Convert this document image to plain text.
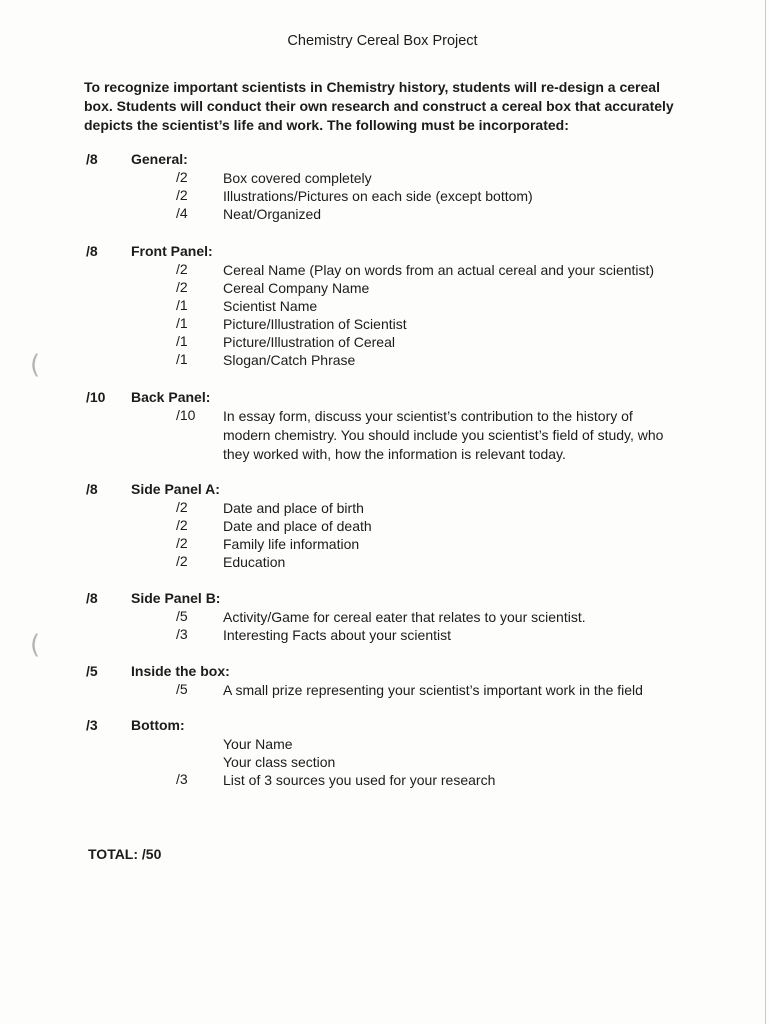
(
(
Chemistry Cereal Box Project
To recognize important scientists in Chemistry history, students will re-design a cereal box. Students will conduct their own research and construct a cereal box that accurately depicts the scientist’s life and work. The following must be incorporated:
/8 General:
/2	Box covered completely
/2	Illustrations/Pictures on each side (except bottom)
/4	Neat/Organized
/8 Front Panel:
/2	Cereal Name (Play on words from an actual cereal and your scientist)
/2	Cereal Company Name
/1	Scientist Name
/1	Picture/Illustration of Scientist
/1	Picture/Illustration of Cereal
/1	Slogan/Catch Phrase
/10 Back Panel:
/10 In essay form, discuss your scientist’s contribution to the history of modern chemistry. You should include you scientist’s field of study, who they worked with, how the information is relevant today.
/8 Side Panel A:
/2	Date and place of birth
/2	Date and place of death
/2	Family life information
/2	Education
/8 Side Panel B:
/5	Activity/Game for cereal eater that relates to your scientist.
/3	Interesting Facts about your scientist
/5 Inside the box:
/5	A small prize representing your scientist’s important work in the field
/3 Bottom:
Your Name
Your class section
/3	List of 3 sources you used for your research
TOTAL: /50
